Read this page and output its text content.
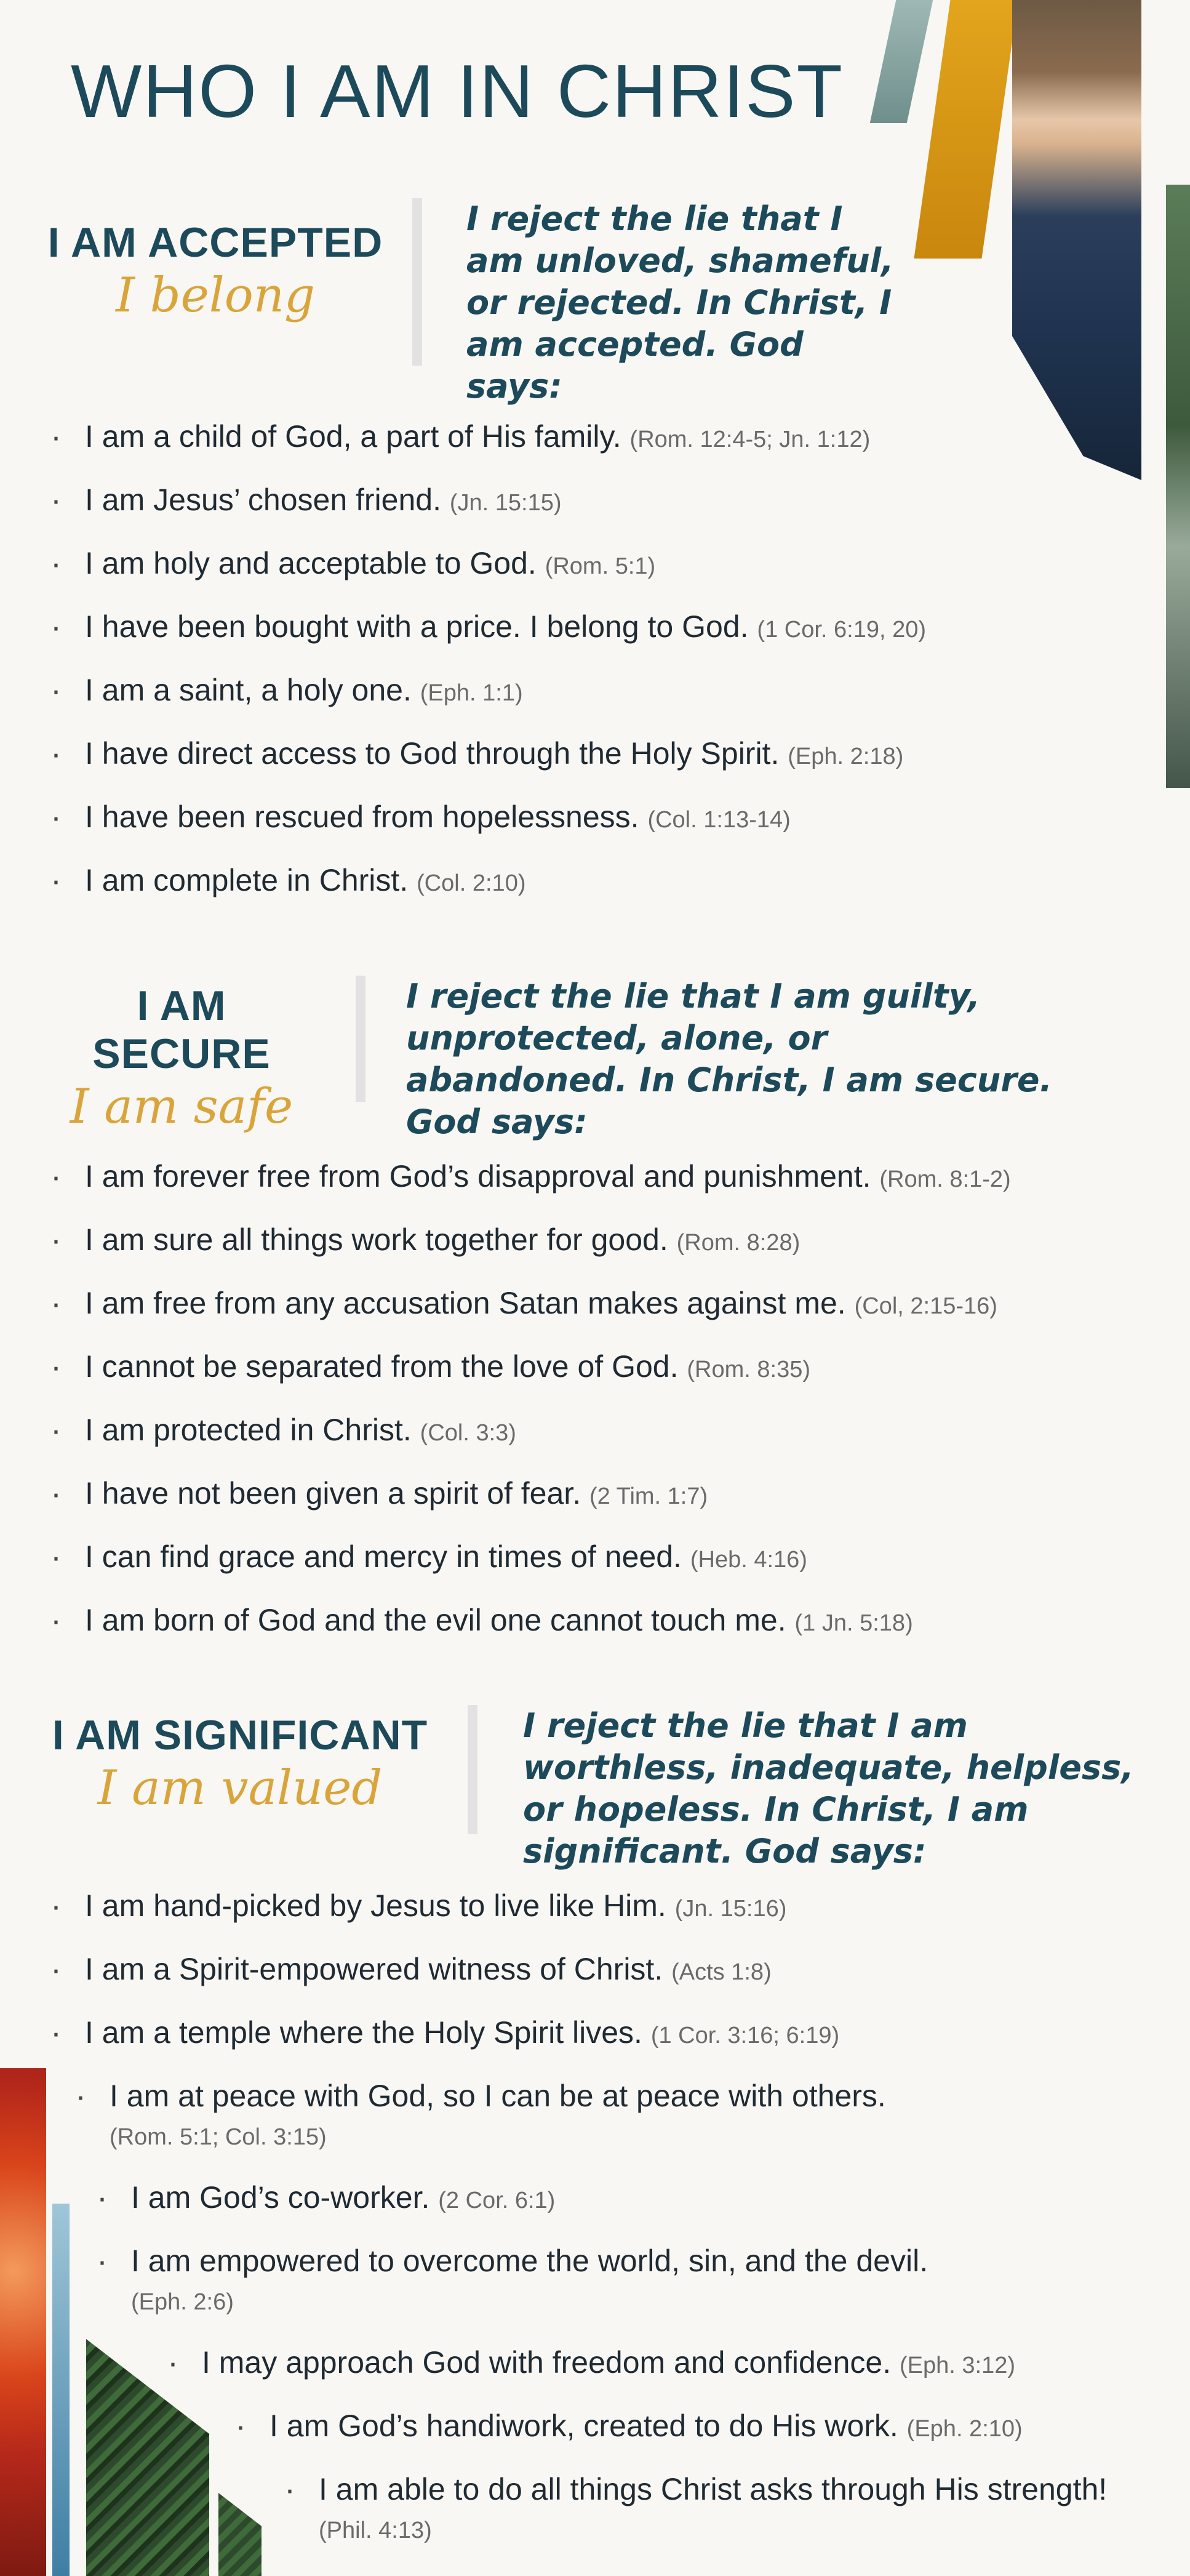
WHO I AM IN CHRIST

I AM ACCEPTED

I belong

I reject the lie that I am unloved, shameful, or rejected. In Christ, I am accepted. God says:

· I am a child of God, a part of His family. (Rom. 12:4-5; Jn. 1:12)
· I am Jesus’ chosen friend. (Jn. 15:15)
· I am holy and acceptable to God. (Rom. 5:1)
· I have been bought with a price. I belong to God. (1 Cor. 6:19, 20)
· I am a saint, a holy one. (Eph. 1:1)
· I have direct access to God through the Holy Spirit. (Eph. 2:18)
· I have been rescued from hopelessness. (Col. 1:13-14)
· I am complete in Christ. (Col. 2:10)

I AM SECURE

I am safe

I reject the lie that I am guilty, unprotected, alone, or abandoned. In Christ, I am secure. God says:

· I am forever free from God’s disapproval and punishment. (Rom. 8:1-2)
· I am sure all things work together for good. (Rom. 8:28)
· I am free from any accusation Satan makes against me. (Col, 2:15-16)
· I cannot be separated from the love of God. (Rom. 8:35)
· I am protected in Christ. (Col. 3:3)
· I have not been given a spirit of fear. (2 Tim. 1:7)
· I can find grace and mercy in times of need. (Heb. 4:16)
· I am born of God and the evil one cannot touch me. (1 Jn. 5:18)

I AM SIGNIFICANT

I am valued

I reject the lie that I am worthless, inadequate, helpless, or hopeless. In Christ, I am significant. God says:

· I am hand-picked by Jesus to live like Him. (Jn. 15:16)
· I am a Spirit-empowered witness of Christ. (Acts 1:8)
· I am a temple where the Holy Spirit lives. (1 Cor. 3:16; 6:19)
· I am at peace with God, so I can be at peace with others.
(Rom. 5:1; Col. 3:15)
· I am God’s co-worker. (2 Cor. 6:1)
· I am empowered to overcome the world, sin, and the devil.
(Eph. 2:6)
· I may approach God with freedom and confidence. (Eph. 3:12)
· I am God’s handiwork, created to do His work. (Eph. 2:10)
· I am able to do all things Christ asks through His strength! (Phil. 4:13)
